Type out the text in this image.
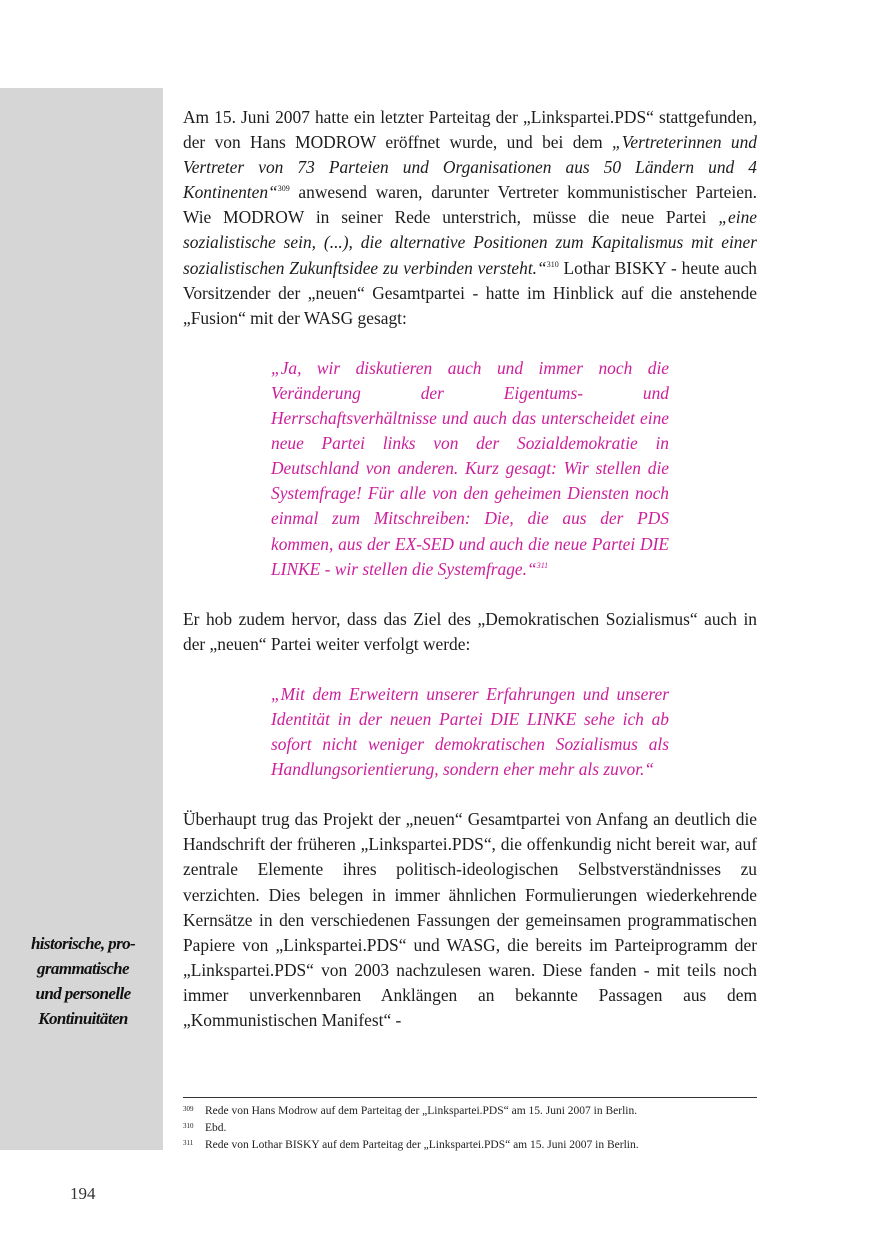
historische, pro-
grammatische
und personelle
Kontinuitäten

Am 15. Juni 2007 hatte ein letzter Parteitag der „Linkspartei.PDS“ stattgefunden, der von Hans MODROW eröffnet wurde, und bei dem „Vertreterinnen und Vertreter von 73 Parteien und Organisationen aus 50 Ländern und 4 Kontinenten“$^{309}$ anwesend waren, darunter Vertreter kommunistischer Parteien. Wie MODROW in seiner Rede unterstrich, müsse die neue Partei „eine sozialistische sein, (...), die alternative Positionen zum Kapitalismus mit einer sozialistischen Zukunftsidee zu verbinden versteht.“$^{310}$ Lothar BISKY - heute auch Vorsitzender der „neuen“ Gesamtpartei - hatte im Hinblick auf die anstehende „Fusion“ mit der WASG gesagt:

„Ja, wir diskutieren auch und immer noch die Veränderung der Eigentums- und Herrschaftsverhältnisse und auch das unterscheidet eine neue Partei links von der Sozialdemokratie in Deutschland von anderen. Kurz gesagt: Wir stellen die Systemfrage! Für alle von den geheimen Diensten noch einmal zum Mitschreiben: Die, die aus der PDS kommen, aus der EX-SED und auch die neue Partei DIE LINKE - wir stellen die Systemfrage.“$^{311}$

Er hob zudem hervor, dass das Ziel des „Demokratischen Sozialismus“ auch in der „neuen“ Partei weiter verfolgt werde:

„Mit dem Erweitern unserer Erfahrungen und unserer Identität in der neuen Partei DIE LINKE sehe ich ab sofort nicht weniger demokratischen Sozialismus als Handlungsorientierung, sondern eher mehr als zuvor.“

Überhaupt trug das Projekt der „neuen“ Gesamtpartei von Anfang an deutlich die Handschrift der früheren „Linkspartei.PDS“, die offenkundig nicht bereit war, auf zentrale Elemente ihres politisch-ideologischen Selbstverständnisses zu verzichten. Dies belegen in immer ähnlichen Formulierungen wiederkehrende Kernsätze in den verschiedenen Fassungen der gemeinsamen programmatischen Papiere von „Linkspartei.PDS“ und WASG, die bereits im Parteiprogramm der „Linkspartei.PDS“ von 2003 nachzulesen waren. Diese fanden - mit teils noch immer unverkennbaren Anklängen an bekannte Passagen aus dem „Kommunistischen Manifest“ -

309	Rede von Hans Modrow auf dem Parteitag der „Linkspartei.PDS“ am 15. Juni 2007 in Berlin.
310	Ebd.
311	Rede von Lothar BISKY auf dem Parteitag der „Linkspartei.PDS“ am 15. Juni 2007 in Berlin.
194
